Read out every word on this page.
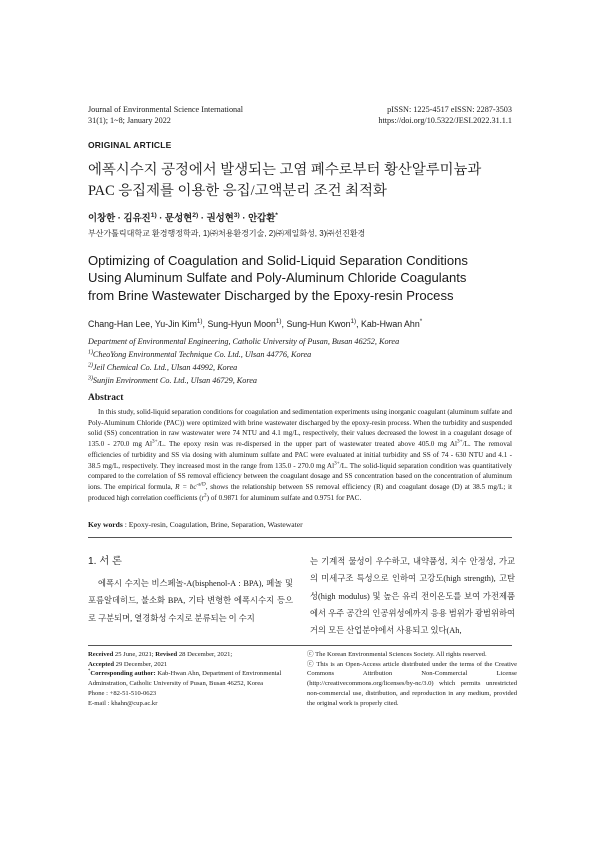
Journal of Environmental Science International
31(1); 1~8; January 2022
pISSN: 1225-4517 eISSN: 2287-3503
https://doi.org/10.5322/JESI.2022.31.1.1
ORIGINAL ARTICLE
에폭시수지 공정에서 발생되는 고염 폐수로부터 황산알루미늄과
PAC 응집제를 이용한 응집/고액분리 조건 최적화
이창한 · 김유진$^{1)}$ · 문성현$^{2)}$ · 권성현$^{3)}$ · 안갑환*
부산가톨릭대학교 환경행정학과, 1)㈜처용환경기술, 2)㈜제일화성, 3)㈜선진환경
Optimizing of Coagulation and Solid-Liquid Separation Conditions
Using Aluminum Sulfate and Poly-Aluminum Chloride Coagulants
from Brine Wastewater Discharged by the Epoxy-resin Process
Chang-Han Lee, Yu-Jin Kim$^{1)}$, Sung-Hyun Moon$^{1)}$, Sung-Hun Kwon$^{1)}$, Kab-Hwan Ahn*
Department of Environmental Engineering, Catholic University of Pusan, Busan 46252, Korea
$^{1)}$CheoYong Environmental Technique Co. Ltd., Ulsan 44776, Korea
$^{2)}$Jeil Chemical Co. Ltd., Ulsan 44992, Korea
$^{3)}$Sunjin Environment Co. Ltd., Ulsan 46729, Korea
Abstract

In this study, solid-liquid separation conditions for coagulation and sedimentation experiments using inorganic coagulant (aluminum sulfate and Poly-Aluminum Chloride (PAC)) were optimized with brine wastewater discharged by the epoxy-resin process. When the turbidity and suspended solid (SS) concentration in raw wastewater were 74 NTU and 4.1 mg/L, respectively, their values decreased the lowest in a coagulant dosage of 135.0 - 270.0 mg $Al^{3+}/L$. The epoxy resin was re-dispersed in the upper part of wastewater treated above 405.0 mg $Al^{3+}/L$. The removal efficiencies of turbidity and SS via dosing with aluminum sulfate and PAC were evaluated at initial turbidity and SS of 74 - 630 NTU and 4.1 - 38.5 mg/L, respectively. They increased most in the range from 135.0 - 270.0 mg $Al^{3+}/L$. The solid-liquid separation condition was quantitatively compared to the correlation of SS removal efficiency between the coagulant dosage and SS concentration based on the concentration of aluminum ions. The empirical formula, $R = bc^{-a/D}$, shows the relationship between SS removal efficiency (R) and coagulant dosage (D) at 38.5 mg/L; it produced high correlation coefficients $(r^2)$ of 0.9871 for aluminum sulfate and 0.9751 for PAC.

Key words : Epoxy-resin, Coagulation, Brine, Separation, Wastewater
1. 서 론

에폭시 수지는 비스페놀-A(bisphenol-A : BPA), 페놀 및 포름알데히드, 불소화 BPA, 기타 변형한 에폭시수지 등으로 구분되며, 열경화성 수지로 분류되는 이 수지

는 기계적 물성이 우수하고, 내약품성, 치수 안정성, 가교의 미세구조 특성으로 인하여 고강도(high strength), 고탄성(high modulus) 및 높은 유리 전이온도를 보여 가전제품에서 우주 공간의 인공위성에까지 응용 범위가 광범위하여 거의 모든 산업분야에서 사용되고 있다(Ah,

Received 25 June, 2021; Revised 28 December, 2021;
Accepted 29 December, 2021
*Corresponding author: Kab-Hwan Ahn, Department of Environmental Adminstration, Catholic University of Pusan, Busan 46252, Korea
Phone : +82-51-510-0623
E-mail : khahn@cup.ac.kr
ⓒ The Korean Environmental Sciences Society. All rights reserved.
ⓒ This is an Open-Access article distributed under the terms of the Creative Commons Attribution Non-Commercial License (http://creativecommons.org/licenses/by-nc/3.0) which permits unrestricted non-commercial use, distribution, and reproduction in any medium, provided the original work is properly cited.
